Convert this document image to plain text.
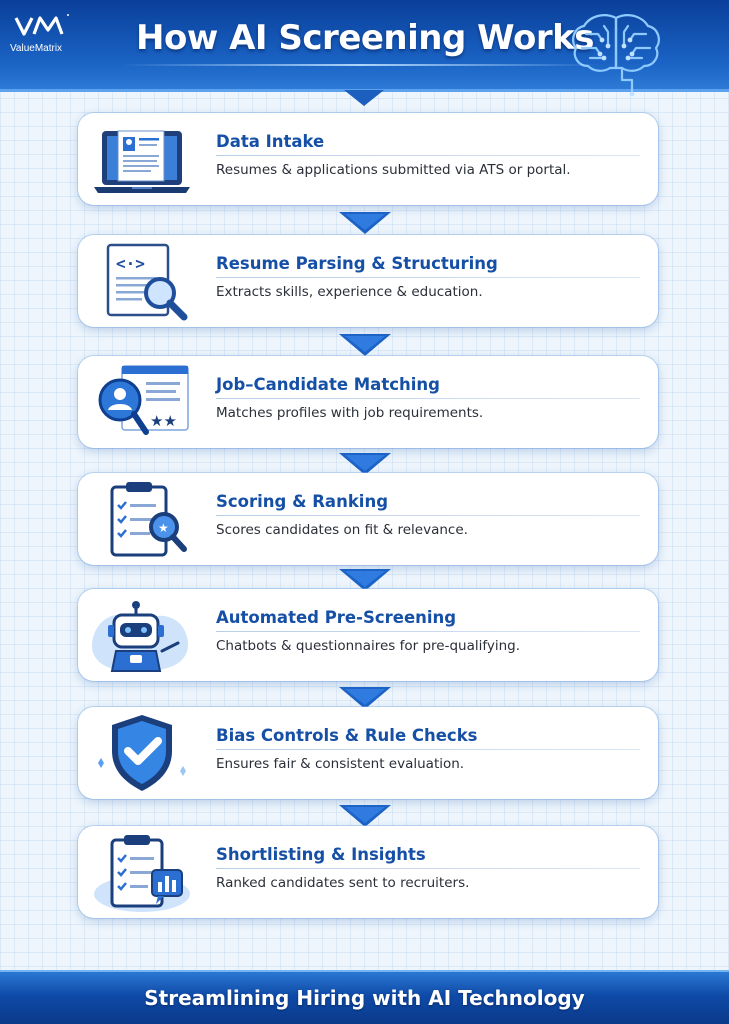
ValueMatrix	How AI Screening Works
Data Intake
Resumes & applications submitted via ATS or portal.
<·>	Resume Parsing & Structuring
Extracts skills, experience & education.
★★
Job–Candidate Matching
Matches profiles with job requirements.
★
Scoring & Ranking
Scores candidates on fit & relevance.
Automated Pre-Screening
Chatbots & questionnaires for pre-qualifying.
Bias Controls & Rule Checks
Ensures fair & consistent evaluation.
Shortlisting & Insights
Ranked candidates sent to recruiters.
Streamlining Hiring with AI Technology
